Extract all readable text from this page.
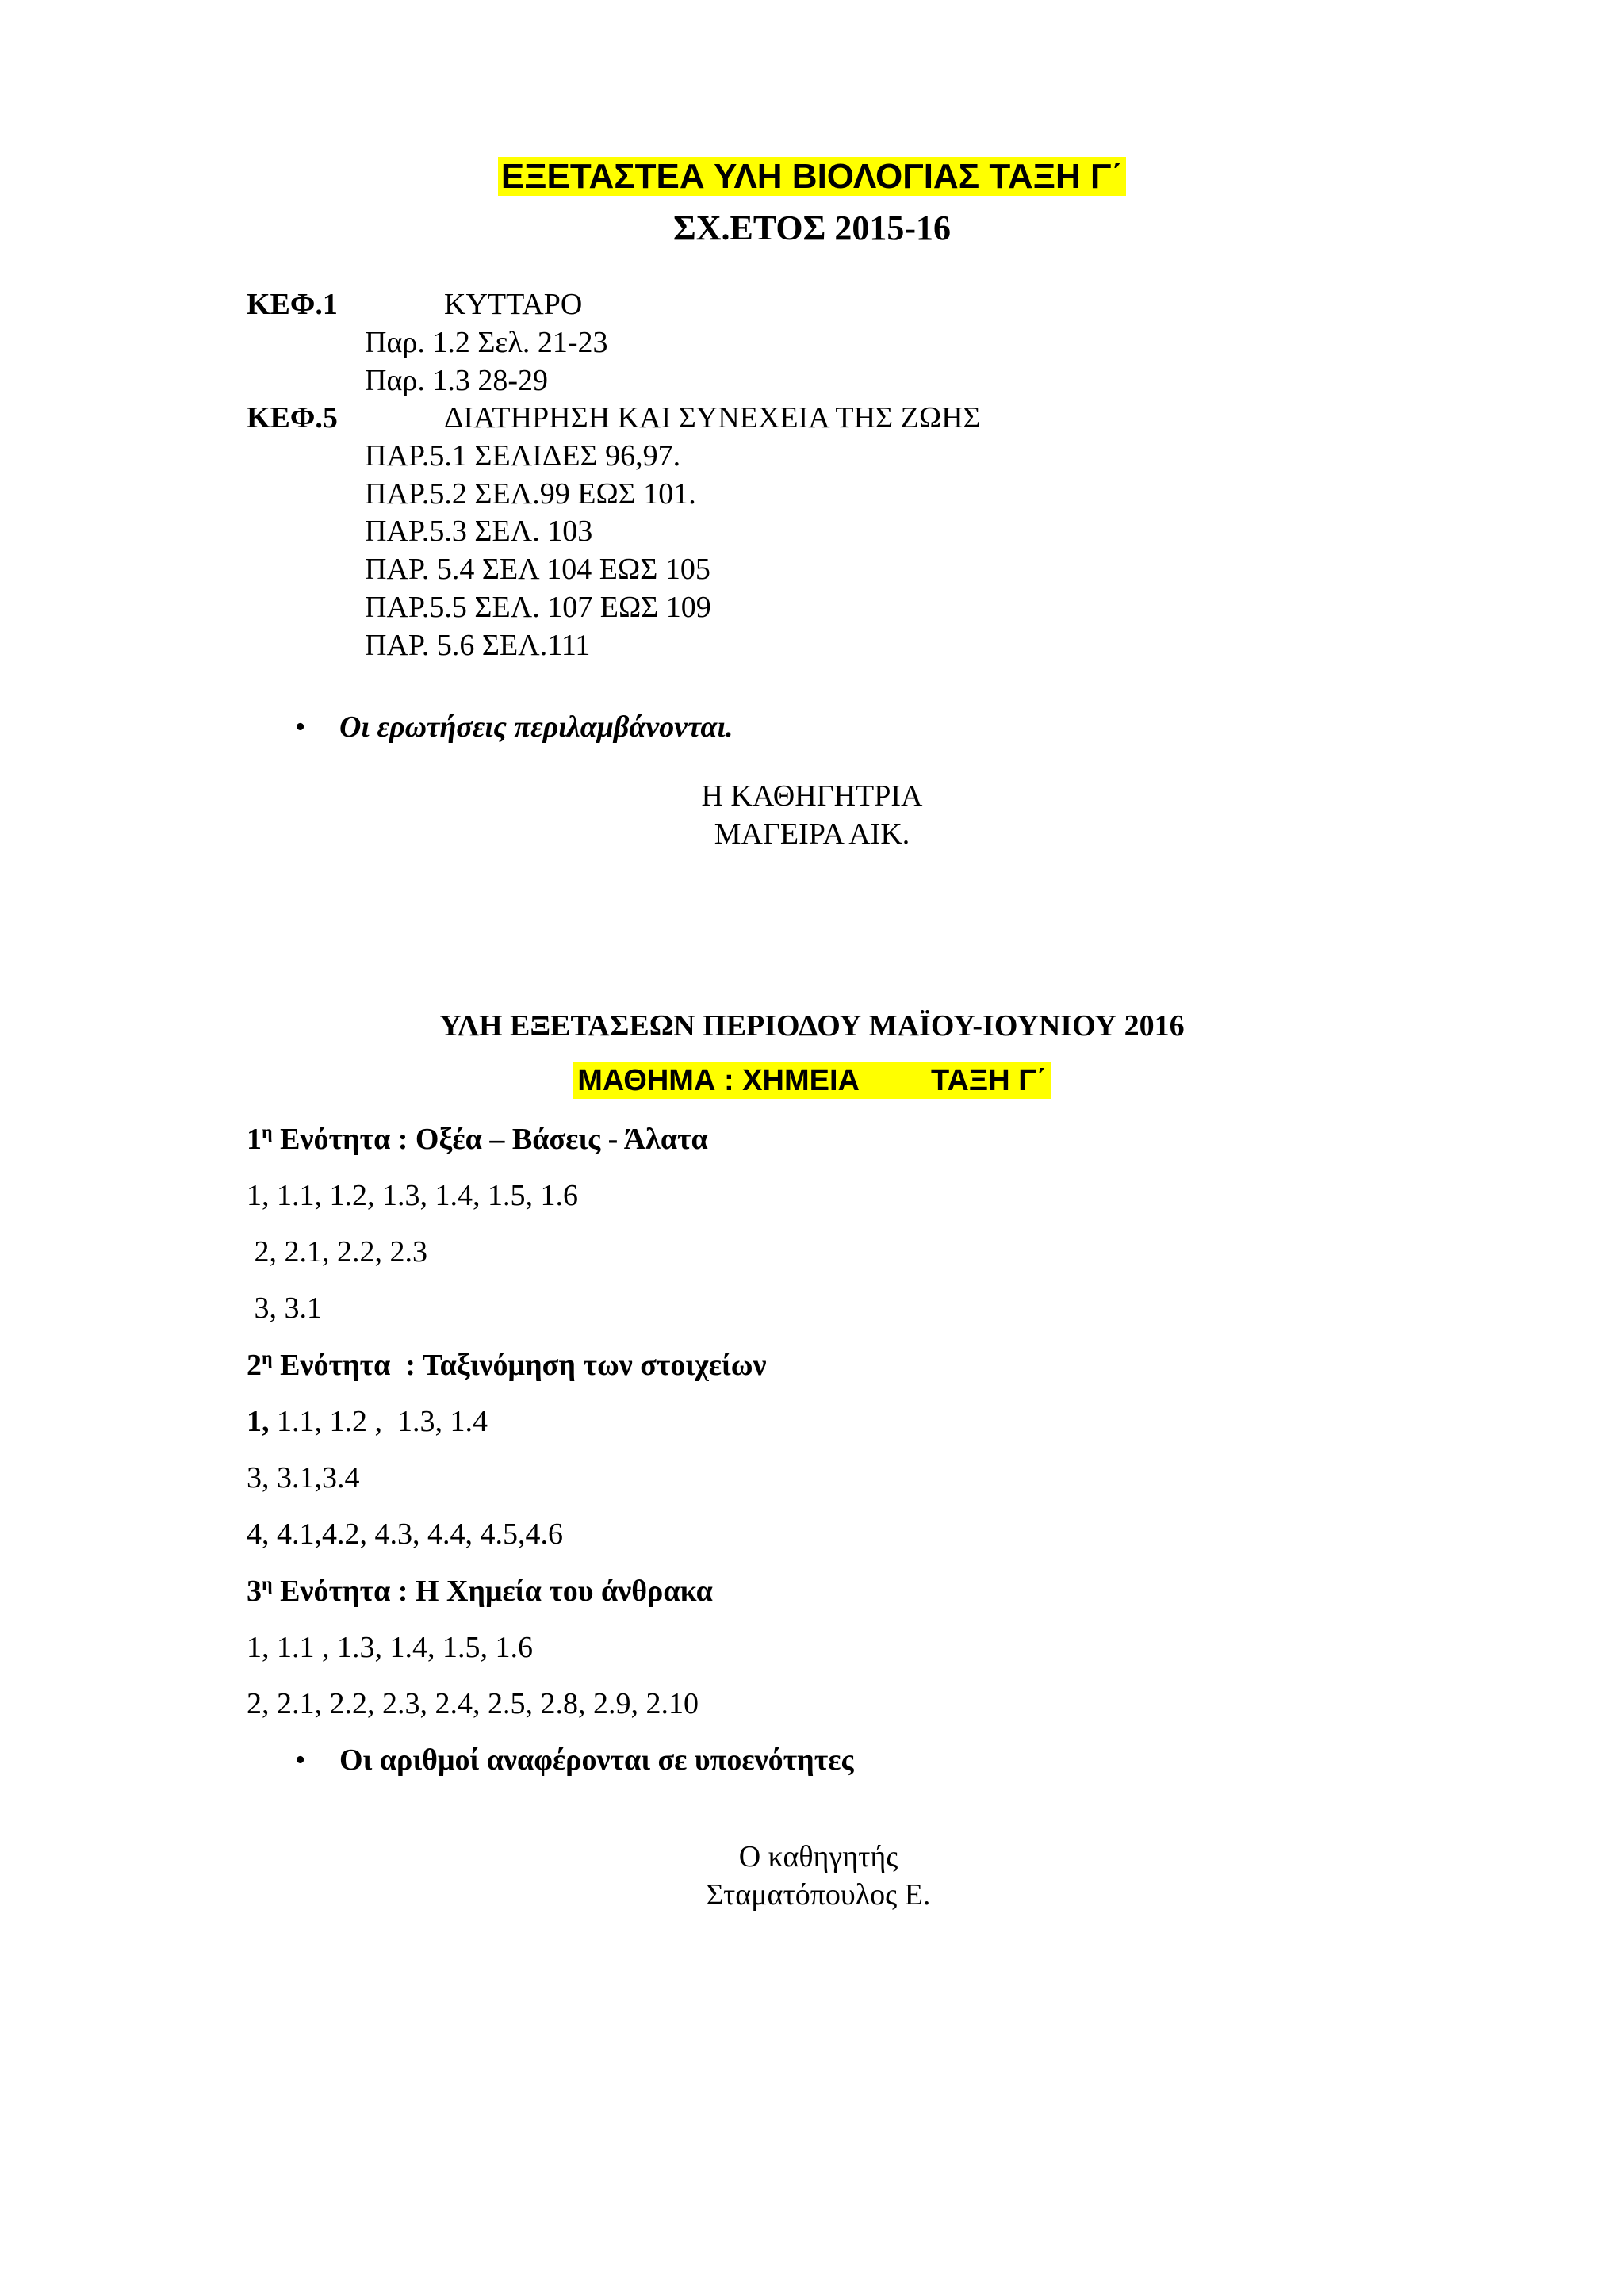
ΕΞΕΤΑΣΤΕΑ ΥΛΗ ΒΙΟΛΟΓΙΑΣ ΤΑΞΗ Γ΄
ΣΧ.ΕΤΟΣ 2015-16
ΚΕΦ.1	ΚΥΤΤΑΡΟ
Παρ. 1.2 Σελ. 21-23
Παρ. 1.3 28-29
ΚΕΦ.5	ΔΙΑΤΗΡΗΣΗ ΚΑΙ ΣΥΝΕΧΕΙΑ ΤΗΣ ΖΩΗΣ
ΠΑΡ.5.1 ΣΕΛΙΔΕΣ 96,97.
ΠΑΡ.5.2 ΣΕΛ.99 ΕΩΣ 101.
ΠΑΡ.5.3 ΣΕΛ. 103
ΠΑΡ. 5.4 ΣΕΛ 104 ΕΩΣ 105
ΠΑΡ.5.5 ΣΕΛ. 107 ΕΩΣ 109
ΠΑΡ. 5.6 ΣΕΛ.111
• Οι ερωτήσεις περιλαμβάνονται.
Η ΚΑΘΗΓΗΤΡΙΑ
ΜΑΓΕΙΡΑ ΑΙΚ.
ΥΛΗ ΕΞΕΤΑΣΕΩΝ ΠΕΡΙΟΔΟΥ ΜΑΪΟΥ-ΙΟΥΝΙΟΥ 2016
ΜΑΘΗΜΑ : ΧΗΜΕΙΑ ΤΑΞΗ Γ΄
$1^\eta$ Ενότητα : Οξέα – Βάσεις - Άλατα
1, 1.1, 1.2, 1.3, 1.4, 1.5, 1.6
2, 2.1, 2.2, 2.3
3, 3.1
$2^\eta$ Ενότητα  : Ταξινόμηση των στοιχείων
1, 1.1, 1.2 ,  1.3, 1.4
3, 3.1,3.4
4, 4.1,4.2, 4.3, 4.4, 4.5,4.6
$3^\eta$ Ενότητα : Η Χημεία του άνθρακα
1, 1.1 , 1.3, 1.4, 1.5, 1.6
2, 2.1, 2.2, 2.3, 2.4, 2.5, 2.8, 2.9, 2.10
• Οι αριθμοί αναφέρονται σε υποενότητες
Ο καθηγητής
Σταματόπουλος Ε.
